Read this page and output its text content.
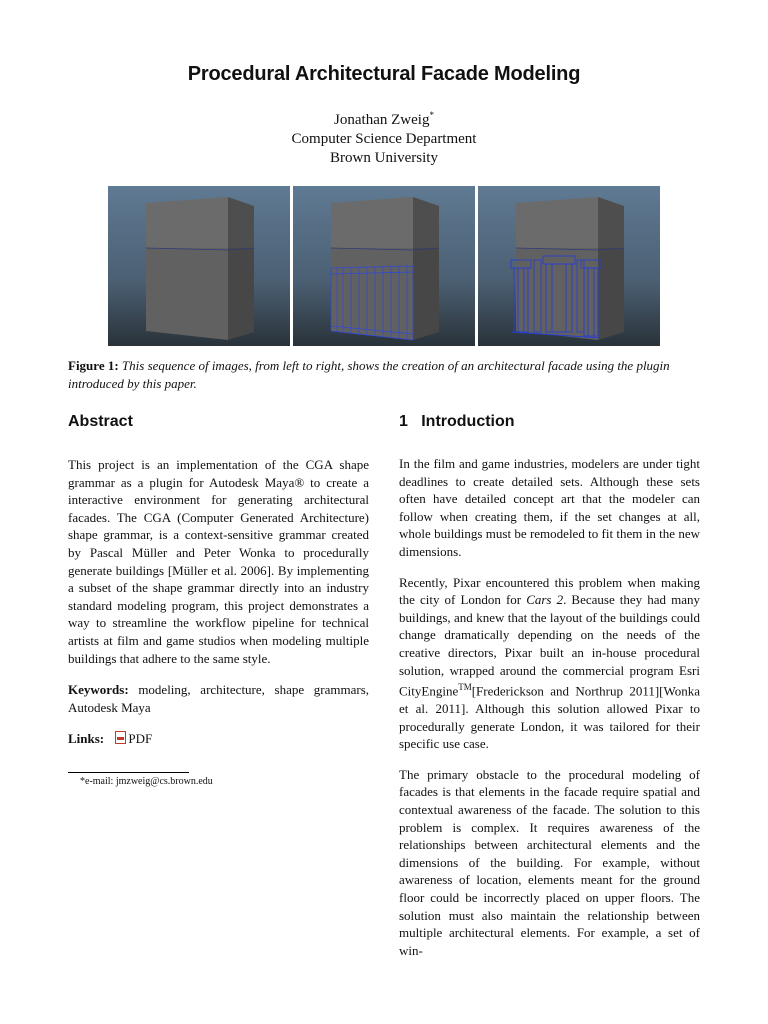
Procedural Architectural Facade Modeling
Jonathan Zweig*
Computer Science Department
Brown University
Figure 1: This sequence of images, from left to right, shows the creation of an architectural facade using the plugin introduced by this paper.
Abstract	1   Introduction

This project is an implementation of the CGA shape grammar as a plugin for Autodesk Maya® to create a interactive environment for generating architectural facades. The CGA (Computer Generated Architecture) shape grammar, is a context-sensitive grammar created by Pascal Müller and Peter Wonka to procedurally generate buildings [Müller et al. 2006]. By implementing a subset of the shape grammar directly into an industry standard modeling program, this project demonstrates a way to streamline the workflow pipeline for technical artists at film and game studios when modeling multiple buildings that adhere to the same style.

Keywords: modeling, architecture, shape grammars, Autodesk Maya

Links: PDF

*e-mail: jmzweig@cs.brown.edu

In the film and game industries, modelers are under tight deadlines to create detailed sets. Although these sets often have detailed concept art that the modeler can follow when creating them, if the set changes at all, whole buildings must be remodeled to fit them in the new dimensions.

Recently, Pixar encountered this problem when making the city of London for Cars 2. Because they had many buildings, and knew that the layout of the buildings could change dramatically depending on the needs of the creative directors, Pixar built an in-house procedural solution, wrapped around the commercial program Esri CityEngine™[Frederickson and Northrup 2011][Wonka et al. 2011]. Although this solution allowed Pixar to procedurally generate London, it was tailored for their specific use case.

The primary obstacle to the procedural modeling of facades is that elements in the facade require spatial and contextual awareness of the facade. The solution to this problem is complex. It requires awareness of the relationships between architectural elements and the dimensions of the building. For example, without awareness of location, elements meant for the ground floor could be incorrectly placed on upper floors. The solution must also maintain the relationship between multiple architectural elements. For example, a set of win-
